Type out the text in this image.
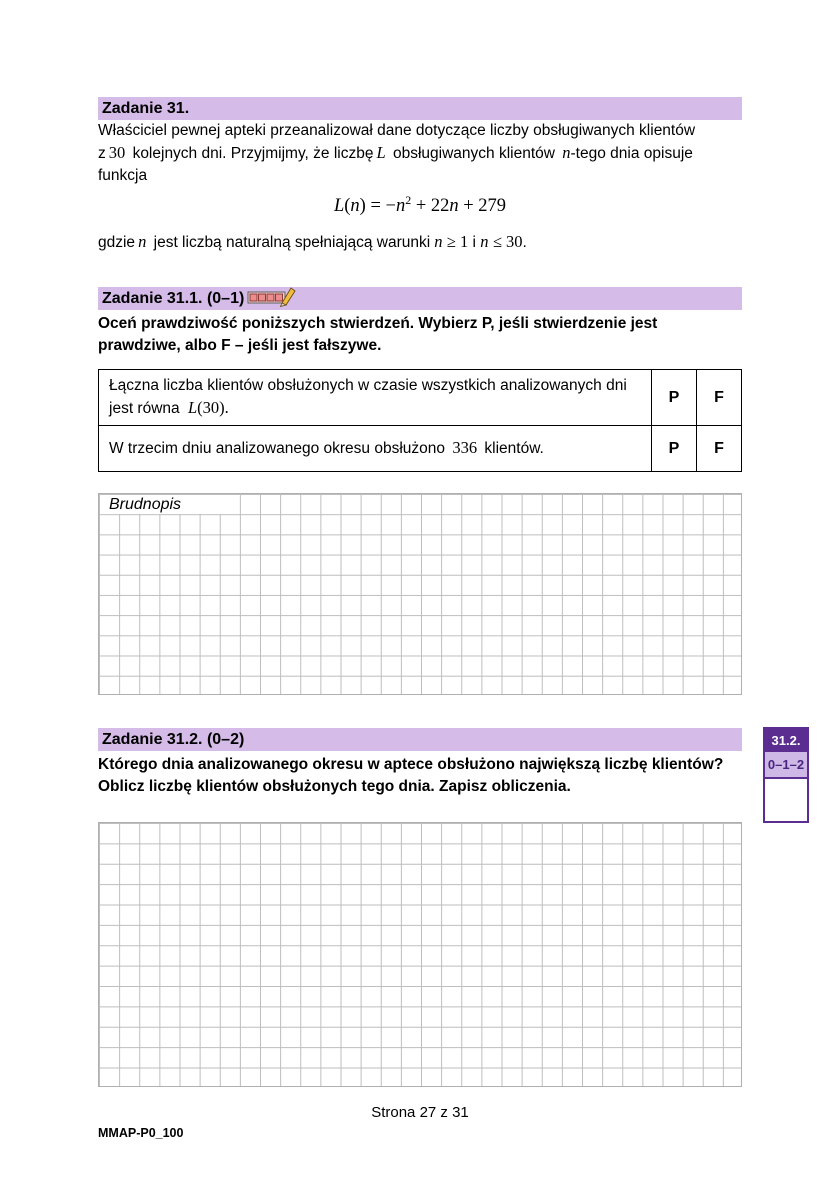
Zadanie 31.
Właściciel pewnej apteki przeanalizował dane dotyczące liczby obsługiwanych klientów
z 30 kolejnych dni. Przyjmijmy, że liczbę L obsługiwanych klientów n-tego dnia opisuje
funkcja
$L(n) = -n^2 + 22n + 279$
gdzie n jest liczbą naturalną spełniającą warunki n ≥ 1 i n ≤ 30.
Zadanie 31.1. (0–1)
Oceń prawdziwość poniższych stwierdzeń. Wybierz P, jeśli stwierdzenie jest
prawdziwe, albo F – jeśli jest fałszywe.
Łączna liczba klientów obsłużonych w czasie wszystkich analizowanych dni
jest równa L(30).	P	F
W trzecim dniu analizowanego okresu obsłużono 336 klientów.	P	F
Brudnopis
Zadanie 31.2. (0–2)
Którego dnia analizowanego okresu w aptece obsłużono największą liczbę klientów?
Oblicz liczbę klientów obsłużonych tego dnia. Zapisz obliczenia.
31.2.
0–1–2
Strona 27 z 31
MMAP-P0_100
